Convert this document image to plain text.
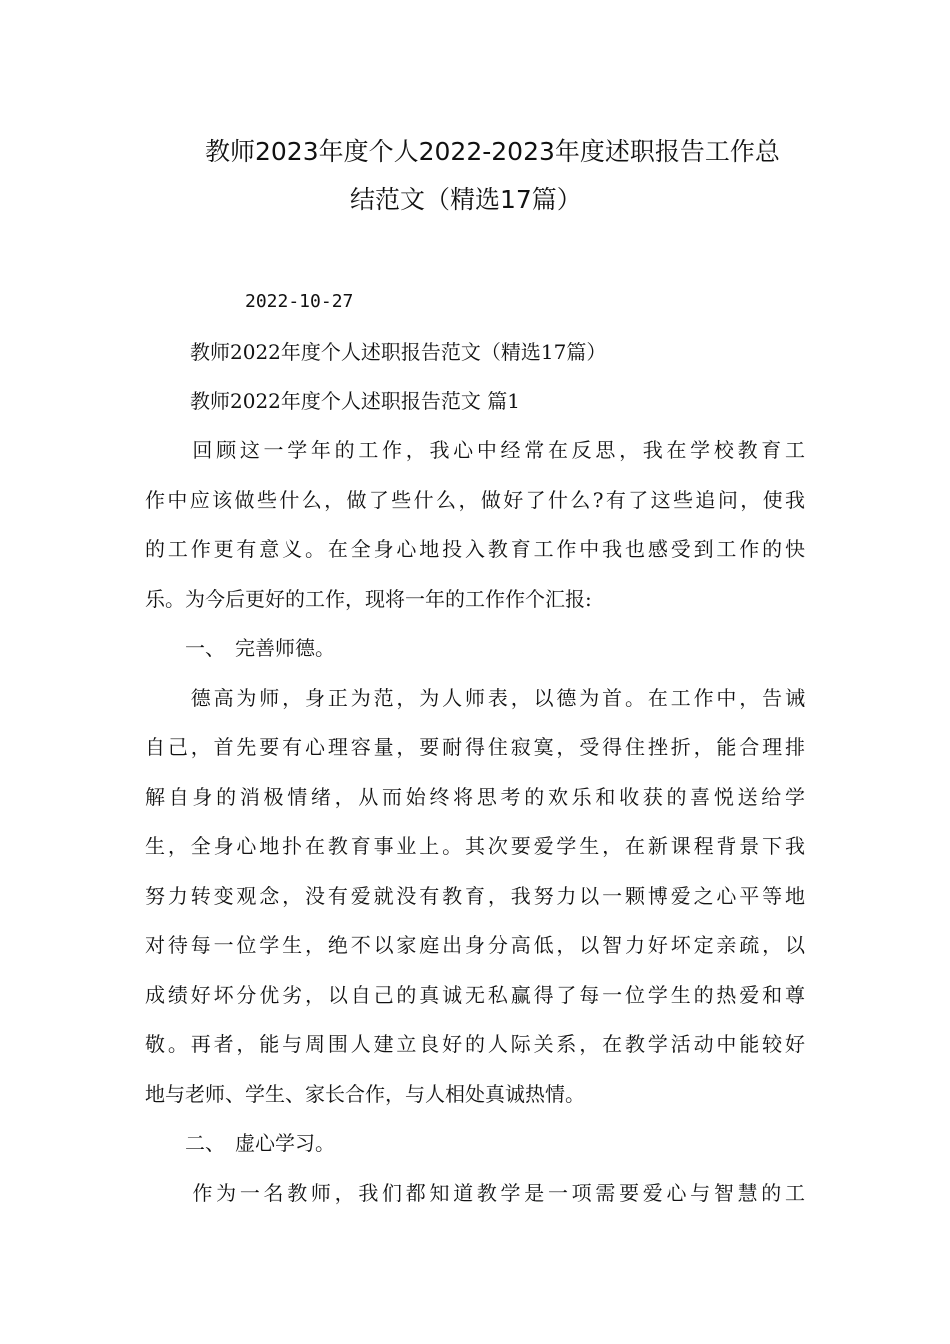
教师2023年度个人2022-2023年度述职报告工作总
结范文（精选17篇）
2022-10-27
教师2022年度个人述职报告范文（精选17篇）
教师2022年度个人述职报告范文 篇1
　　回顾这一学年的工作，我心中经常在反思，我在学校教育工
作中应该做些什么，做了些什么，做好了什么?有了这些追问，使我
的工作更有意义。在全身心地投入教育工作中我也感受到工作的快
乐。为今后更好的工作，现将一年的工作作个汇报:
　　一、　完善师德。
　　德高为师，身正为范，为人师表，以德为首。在工作中，告诫
自己，首先要有心理容量，要耐得住寂寞，受得住挫折，能合理排
解自身的消极情绪，从而始终将思考的欢乐和收获的喜悦送给学
生，全身心地扑在教育事业上。其次要爱学生，在新课程背景下我
努力转变观念，没有爱就没有教育，我努力以一颗博爱之心平等地
对待每一位学生，绝不以家庭出身分高低，以智力好坏定亲疏，以
成绩好坏分优劣，以自己的真诚无私赢得了每一位学生的热爱和尊
敬。再者，能与周围人建立良好的人际关系，在教学活动中能较好
地与老师、学生、家长合作，与人相处真诚热情。
　　二、　虚心学习。
　　作为一名教师，我们都知道教学是一项需要爱心与智慧的工
